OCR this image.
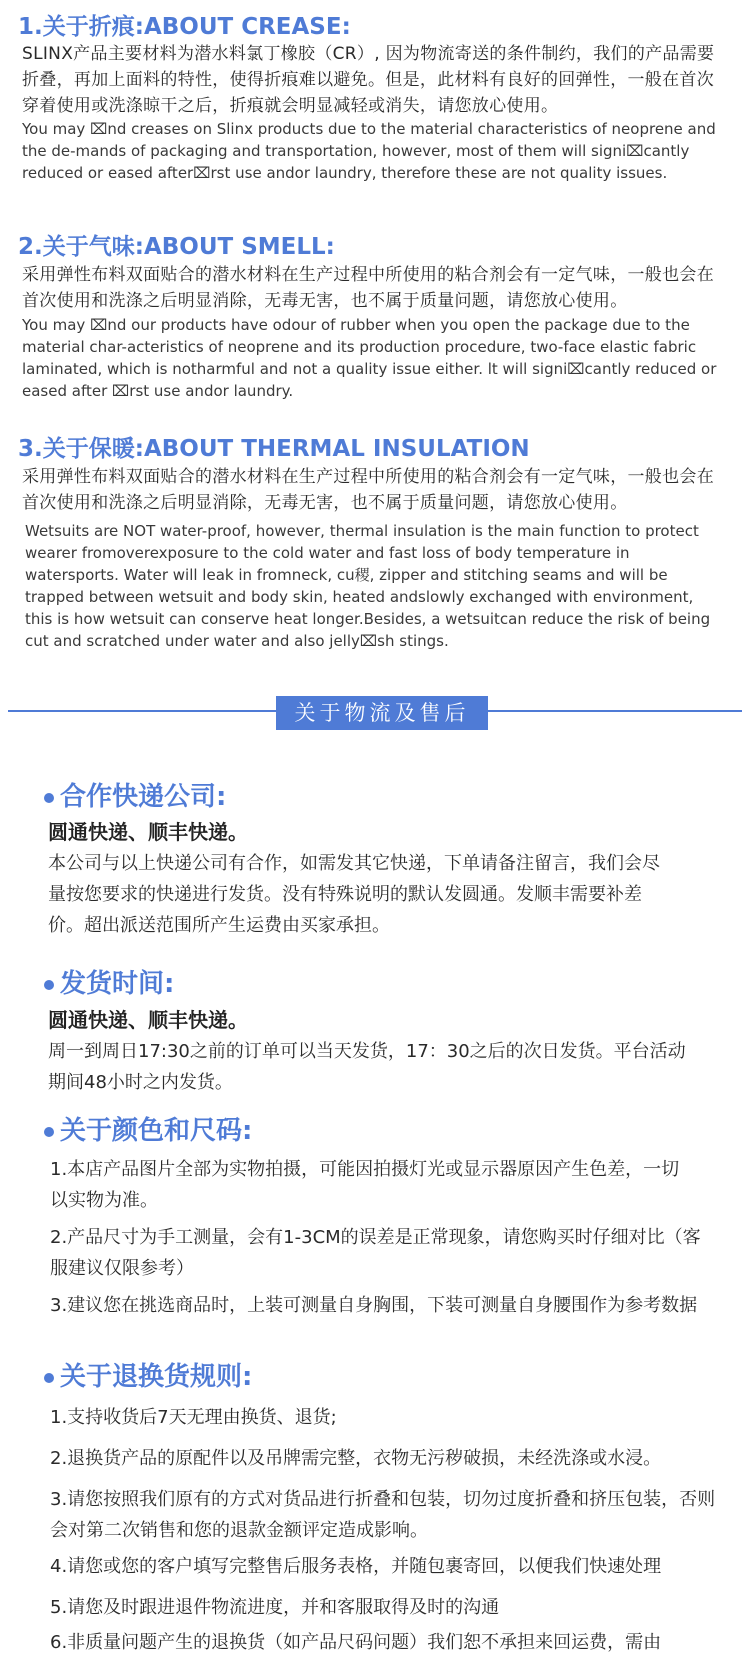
1.关于折痕:ABOUT CREASE:
SLINX产品主要材料为潜水料氯丁橡胶（CR）, 因为物流寄送的条件制约，我们的产品需要折叠，再加上面料的特性，使得折痕难以避免。但是，此材料有良好的回弹性，一般在首次穿着使用或洗涤晾干之后，折痕就会明显减轻或消失，请您放心使用。
You may ⌧nd creases on Slinx products due to the material characteristics of neoprene and the de-mands of packaging and transportation, however, most of them will signi⌧cantly reduced or eased after⌧rst use andor laundry, therefore these are not quality issues.
2.关于气味:ABOUT SMELL:
采用弹性布料双面贴合的潜水材料在生产过程中所使用的粘合剂会有一定气味，一般也会在首次使用和洗涤之后明显消除，无毒无害，也不属于质量问题，请您放心使用。
You may ⌧nd our products have odour of rubber when you open the package due to the material char-acteristics of neoprene and its production procedure, two-face elastic fabric laminated, which is notharmful and not a quality issue either. lt will signi⌧cantly reduced or eased after ⌧rst use andor laundry.
3.关于保暖:ABOUT THERMAL INSULATION
采用弹性布料双面贴合的潜水材料在生产过程中所使用的粘合剂会有一定气味，一般也会在首次使用和洗涤之后明显消除，无毒无害，也不属于质量问题，请您放心使用。
Wetsuits are NOT water-proof, however, thermal insulation is the main function to protect wearer fromoverexposure to the cold water and fast loss of body temperature in watersports. Water will leak in fromneck, cu稷, zipper and stitching seams and will be trapped between wetsuit and body skin, heated andslowly exchanged with environment, this is how wetsuit can conserve heat longer.Besides, a wetsuitcan reduce the risk of being cut and scratched under water and also jelly⌧sh stings.
关于物流及售后
合作快递公司:
圆通快递、顺丰快递。
本公司与以上快递公司有合作，如需发其它快递，下单请备注留言，我们会尽量按您要求的快递进行发货。没有特殊说明的默认发圆通。发顺丰需要补差价。超出派送范围所产生运费由买家承担。
发货时间:
圆通快递、顺丰快递。
周一到周日17:30之前的订单可以当天发货，17：30之后的次日发货。平台活动期间48小时之内发货。
关于颜色和尺码:
1.本店产品图片全部为实物拍摄，可能因拍摄灯光或显示器原因产生色差，一切以实物为准。
2.产品尺寸为手工测量，会有1-3CM的误差是正常现象，请您购买时仔细对比（客服建议仅限参考）
3.建议您在挑选商品时，上装可测量自身胸围，下装可测量自身腰围作为参考数据
关于退换货规则:
1.支持收货后7天无理由换货、退货;
2.退换货产品的原配件以及吊牌需完整，衣物无污秽破损，未经洗涤或水浸。
3.请您按照我们原有的方式对货品进行折叠和包装，切勿过度折叠和挤压包装，否则会对第二次销售和您的退款金额评定造成影响。
4.请您或您的客户填写完整售后服务表格，并随包裹寄回，以便我们快速处理
5.请您及时跟进退件物流进度，并和客服取得及时的沟通
6.非质量问题产生的退换货（如产品尺码问题）我们恕不承担来回运费，需由
